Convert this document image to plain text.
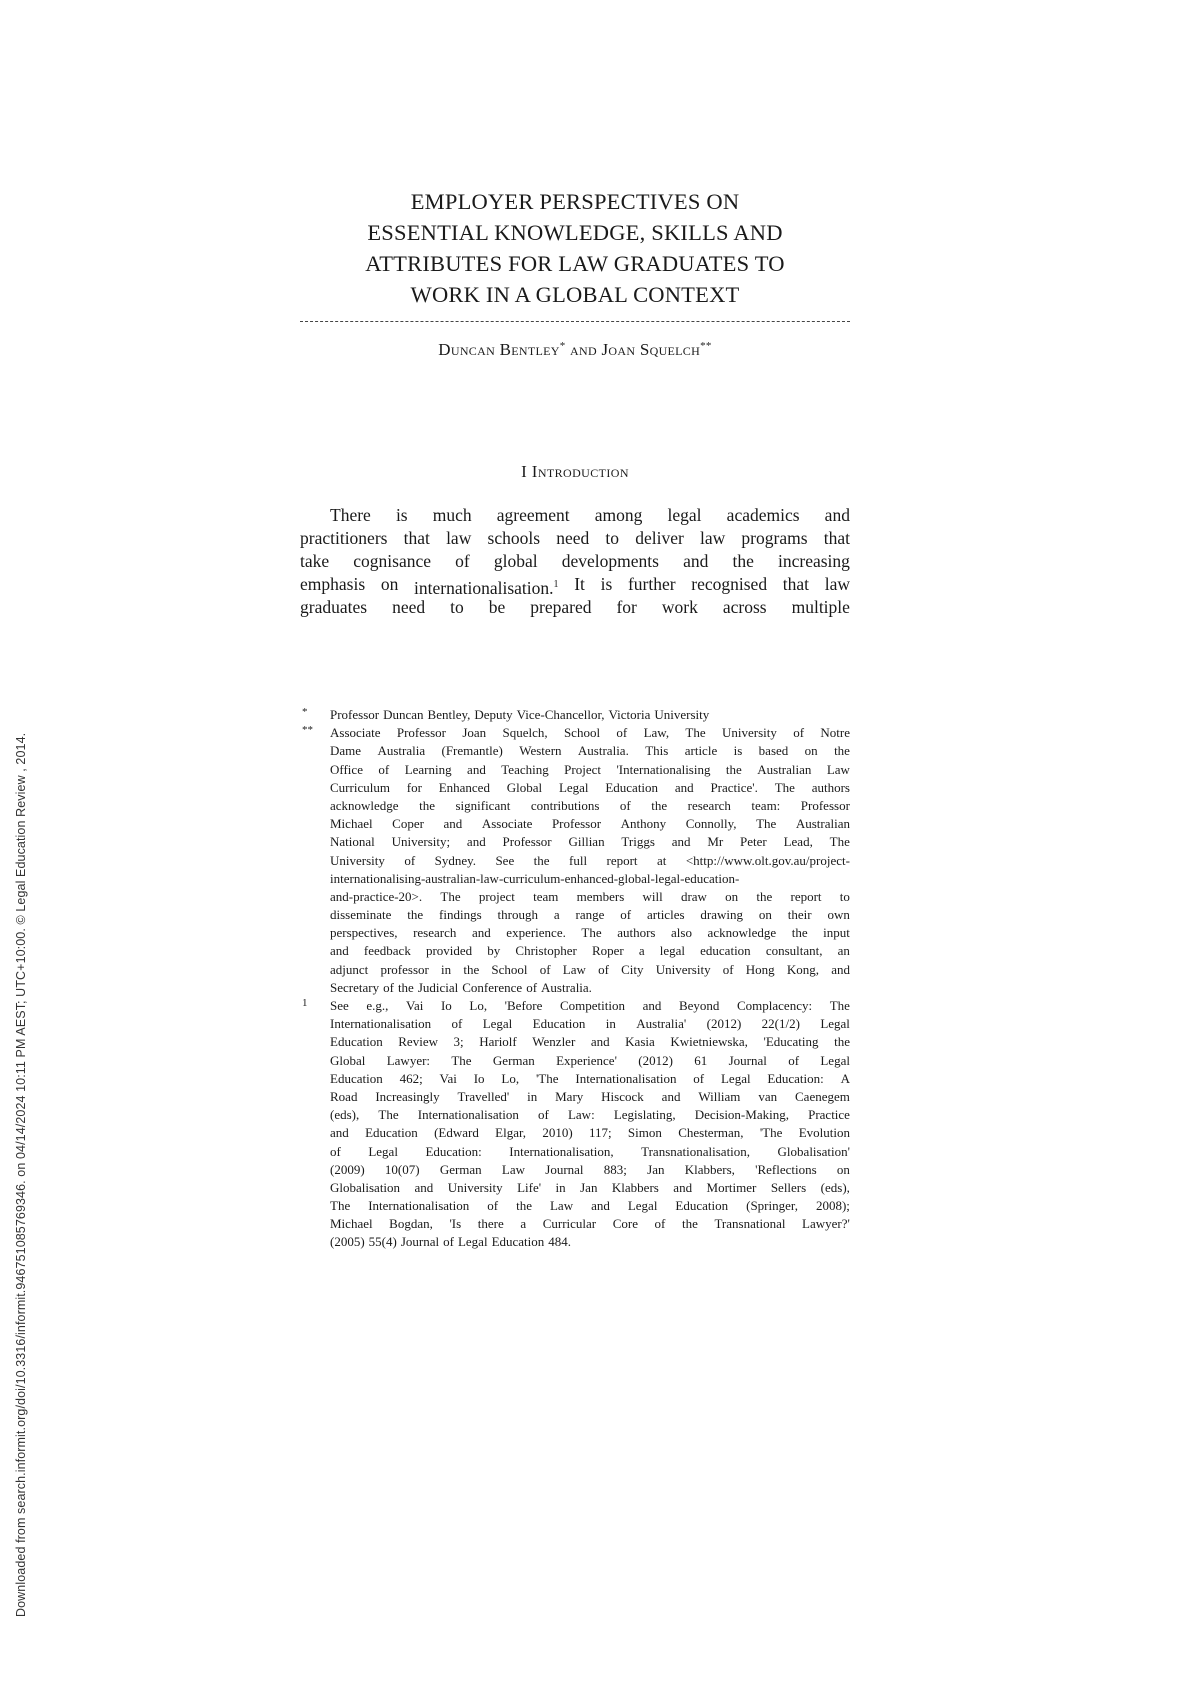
Downloaded from search.informit.org/doi/10.3316/informit.946751085769346. on 04/14/2024 10:11 PM AEST; UTC+10:00. © Legal Education Review , 2014.
EMPLOYER PERSPECTIVES ON
ESSENTIAL KNOWLEDGE, SKILLS AND
ATTRIBUTES FOR LAW GRADUATES TO
WORK IN A GLOBAL CONTEXT
Duncan Bentley* and Joan Squelch**
I Introduction
There is much agreement among legal academics and
practitioners that law schools need to deliver law programs that
take cognisance of global developments and the increasing
emphasis on internationalisation.$^1$ It is further recognised that law
graduates need to be prepared for work across multiple
* Professor Duncan Bentley, Deputy Vice-Chancellor, Victoria University
** Associate Professor Joan Squelch, School of Law, The University of Notre
Dame Australia (Fremantle) Western Australia. This article is based on the
Office of Learning and Teaching Project 'Internationalising the Australian Law
Curriculum for Enhanced Global Legal Education and Practice'. The authors
acknowledge the significant contributions of the research team: Professor
Michael Coper and Associate Professor Anthony Connolly, The Australian
National University; and Professor Gillian Triggs and Mr Peter Lead, The
University of Sydney. See the full report at <http://www.olt.gov.au/project-
internationalising-australian-law-curriculum-enhanced-global-legal-education-
and-practice-20>. The project team members will draw on the report to
disseminate the findings through a range of articles drawing on their own
perspectives, research and experience. The authors also acknowledge the input
and feedback provided by Christopher Roper a legal education consultant, an
adjunct professor in the School of Law of City University of Hong Kong, and
Secretary of the Judicial Conference of Australia.
1 See e.g., Vai Io Lo, 'Before Competition and Beyond Complacency: The
Internationalisation of Legal Education in Australia' (2012) 22(1/2) Legal
Education Review 3; Hariolf Wenzler and Kasia Kwietniewska, 'Educating the
Global Lawyer: The German Experience' (2012) 61 Journal of Legal
Education 462; Vai Io Lo, 'The Internationalisation of Legal Education: A
Road Increasingly Travelled' in Mary Hiscock and William van Caenegem
(eds), The Internationalisation of Law: Legislating, Decision-Making, Practice
and Education (Edward Elgar, 2010) 117; Simon Chesterman, 'The Evolution
of Legal Education: Internationalisation, Transnationalisation, Globalisation'
(2009) 10(07) German Law Journal 883; Jan Klabbers, 'Reflections on
Globalisation and University Life' in Jan Klabbers and Mortimer Sellers (eds),
The Internationalisation of the Law and Legal Education (Springer, 2008);
Michael Bogdan, 'Is there a Curricular Core of the Transnational Lawyer?'
(2005) 55(4) Journal of Legal Education 484.
